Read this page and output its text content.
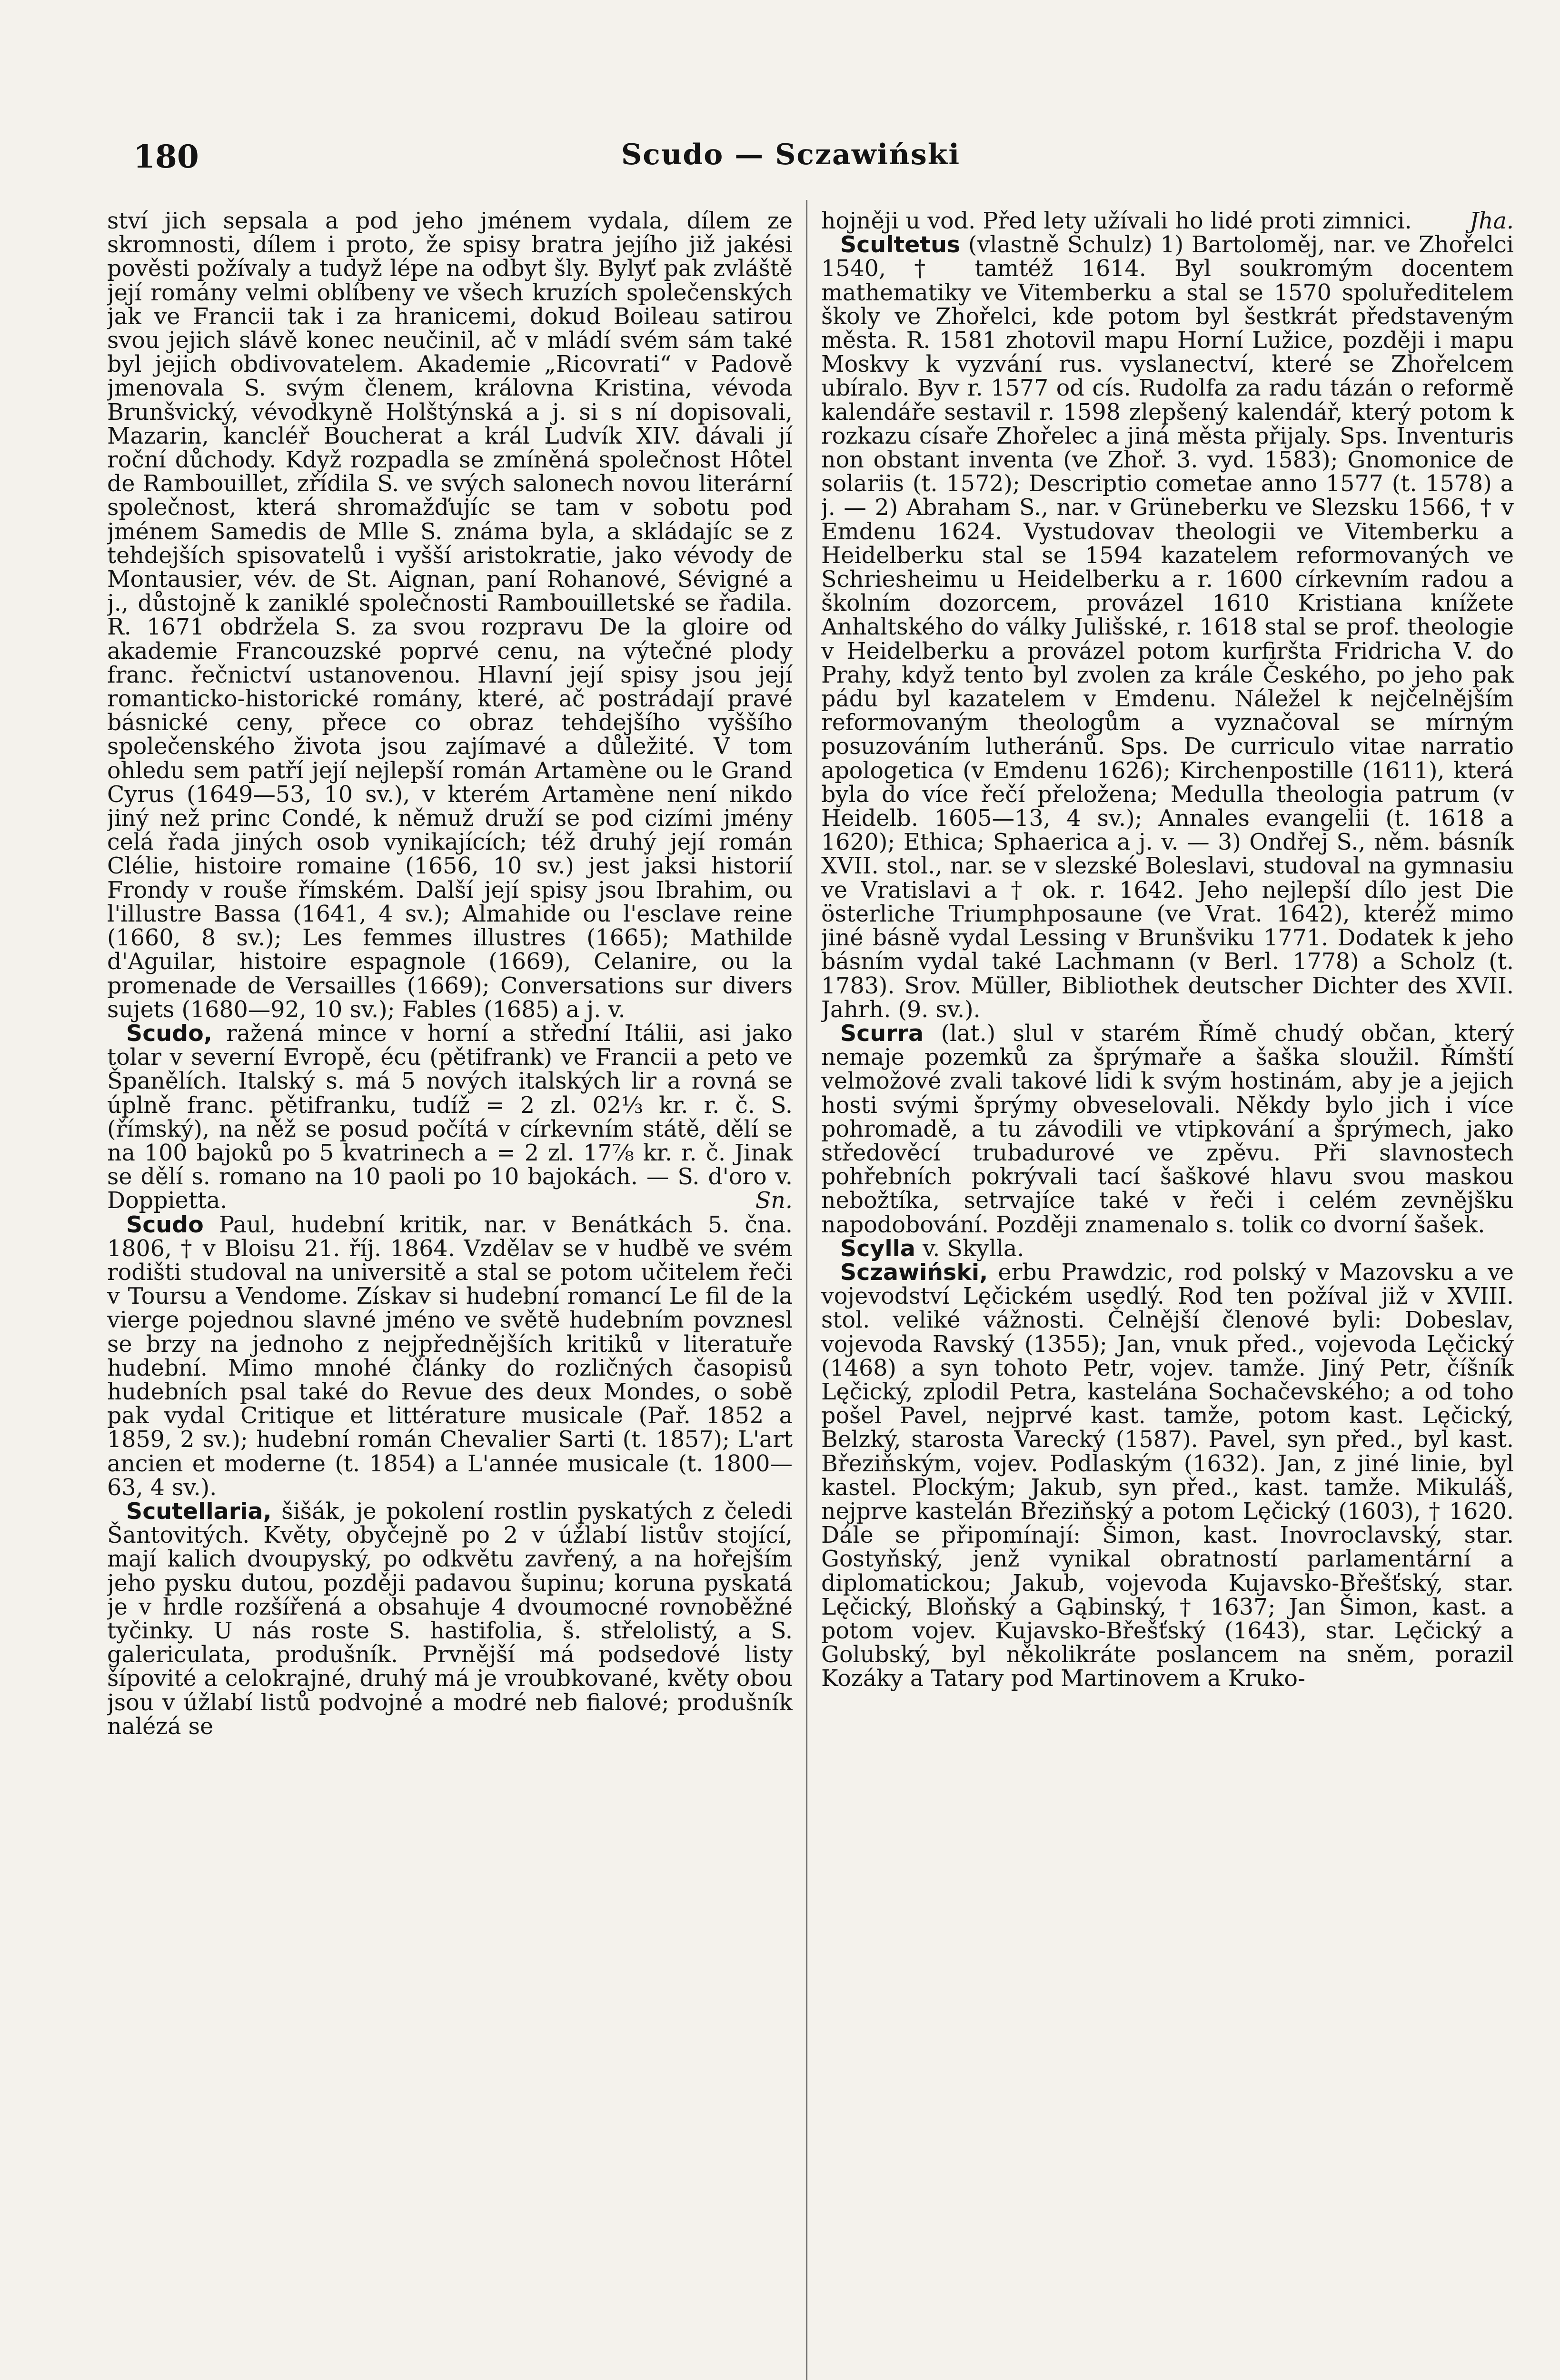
180	Scudo — Sczawiński

ství jich sepsala a pod jeho jménem vydala, dílem ze skromnosti, dílem i proto, že spisy bratra jejího již jakési pověsti požívaly a tudyž lépe na odbyt šly. Bylyť pak zvláště její romány velmi oblíbeny ve všech kruzích společenských jak ve Francii tak i za hranicemi, dokud Boileau satirou svou jejich slávě konec neučinil, ač v mládí svém sám také byl jejich obdivovatelem. Akademie „Ricovrati“ v Padově jmenovala S. svým členem, královna Kristina, vévoda Brunšvický, vévodkyně Holštýnská a j. si s ní dopisovali, Mazarin, kancléř Boucherat a král Ludvík XIV. dávali jí roční důchody. Když rozpadla se zmíněná společnost Hôtel de Rambouillet, zřídila S. ve svých salonech novou literární společnost, která shromažďujíc se tam v sobotu pod jménem Samedis de Mlle S. známa byla, a skládajíc se z tehdejších spisovatelů i vyšší aristokratie, jako vévody de Montausier, vév. de St. Aignan, paní Rohanové, Sévigné a j., důstojně k zaniklé společnosti Rambouilletské se řadila. R. 1671 obdržela S. za svou rozpravu De la gloire od akademie Francouzské poprvé cenu, na výtečné plody franc. řečnictví ustanovenou. Hlavní její spisy jsou její romanticko-historické romány, které, ač postrádají pravé básnické ceny, přece co obraz tehdejšího vyššího společenského života jsou zajímavé a důležité. V tom ohledu sem patří její nejlepší román Artamène ou le Grand Cyrus (1649—53, 10 sv.), v kterém Artamène není nikdo jiný než princ Condé, k němuž druží se pod cizími jmény celá řada jiných osob vynikajících; též druhý její román Clélie, histoire romaine (1656, 10 sv.) jest jaksi historií Frondy v rouše římském. Další její spisy jsou Ibrahim, ou l'illustre Bassa (1641, 4 sv.); Almahide ou l'esclave reine (1660, 8 sv.); Les femmes illustres (1665); Mathilde d'Aguilar, histoire espagnole (1669), Celanire, ou la promenade de Versailles (1669); Conversations sur divers sujets (1680—92, 10 sv.); Fables (1685) a j. v.

Scudo, ražená mince v horní a střední Itálii, asi jako tolar v severní Evropě, écu (pětifrank) ve Francii a peto ve Španělích. Italský s. má 5 nových italských lir a rovná se úplně franc. pětifranku, tudíž = 2 zl. 02⅓ kr. r. č. S. (římský), na něž se posud počítá v církevním státě, dělí se na 100 bajoků po 5 kvatrinech a = 2 zl. 17⅞ kr. r. č. Jinak se dělí s. romano na 10 paoli po 10 bajokách. — S. d'oro v. Doppietta.	Sn.

Scudo Paul, hudební kritik, nar. v Benátkách 5. čna. 1806, † v Bloisu 21. říj. 1864. Vzdělav se v hudbě ve svém rodišti studoval na universitě a stal se potom učitelem řeči v Toursu a Vendome. Získav si hudební romancí Le fil de la vierge pojednou slavné jméno ve světě hudebním povznesl se brzy na jednoho z nejpřednějších kritiků v literatuře hudební. Mimo mnohé články do rozličných časopisů hudebních psal také do Revue des deux Mondes, o sobě pak vydal Critique et littérature musicale (Pař. 1852 a 1859, 2 sv.); hudební román Chevalier Sarti (t. 1857); L'art ancien et moderne (t. 1854) a L'année musicale (t. 1800—63, 4 sv.).

Scutellaria, šišák, je pokolení rostlin pyskatých z čeledi Šantovitých. Květy, obyčejně po 2 v úžlabí listův stojící, mají kalich dvoupyský, po odkvětu zavřený, a na hořejším jeho pysku dutou, později padavou šupinu; koruna pyskatá je v hrdle rozšířená a obsahuje 4 dvoumocné rovnoběžné tyčinky. U nás roste S. hastifolia, š. střelolistý, a S. galericulata, produšník. Prvnější má podsedové listy šípovité a celokrajné, druhý má je vroubkované, květy obou jsou v úžlabí listů podvojné a modré neb fialové; produšník nalézá se

hojněji u vod. Před lety užívali ho lidé proti zimnici.	Jha.

Scultetus (vlastně Schulz) 1) Bartoloměj, nar. ve Zhořelci 1540, † tamtéž 1614. Byl soukromým docentem mathematiky ve Vitemberku a stal se 1570 spoluředitelem školy ve Zhořelci, kde potom byl šestkrát představeným města. R. 1581 zhotovil mapu Horní Lužice, později i mapu Moskvy k vyzvání rus. vyslanectví, které se Zhořelcem ubíralo. Byv r. 1577 od cís. Rudolfa za radu tázán o reformě kalendáře sestavil r. 1598 zlepšený kalendář, který potom k rozkazu císaře Zhořelec a jiná města přijaly. Sps. Inventuris non obstant inventa (ve Zhoř. 3. vyd. 1583); Gnomonice de solariis (t. 1572); Descriptio cometae anno 1577 (t. 1578) a j. — 2) Abraham S., nar. v Grüneberku ve Slezsku 1566, † v Emdenu 1624. Vystudovav theologii ve Vitemberku a Heidelberku stal se 1594 kazatelem reformovaných ve Schriesheimu u Heidelberku a r. 1600 církevním radou a školním dozorcem, provázel 1610 Kristiana knížete Anhaltského do války Julišské, r. 1618 stal se prof. theologie v Heidelberku a provázel potom kurfiršta Fridricha V. do Prahy, když tento byl zvolen za krále Českého, po jeho pak pádu byl kazatelem v Emdenu. Náležel k nejčelnějším reformovaným theologům a vyznačoval se mírným posuzováním lutheránů. Sps. De curriculo vitae narratio apologetica (v Emdenu 1626); Kirchenpostille (1611), která byla do více řečí přeložena; Medulla theologia patrum (v Heidelb. 1605—13, 4 sv.); Annales evangelii (t. 1618 a 1620); Ethica; Sphaerica a j. v. — 3) Ondřej S., něm. básník XVII. stol., nar. se v slezské Boleslavi, studoval na gymnasiu ve Vratislavi a † ok. r. 1642. Jeho nejlepší dílo jest Die österliche Triumphposaune (ve Vrat. 1642), kteréž mimo jiné básně vydal Lessing v Brunšviku 1771. Dodatek k jeho básním vydal také Lachmann (v Berl. 1778) a Scholz (t. 1783). Srov. Müller, Bibliothek deutscher Dichter des XVII. Jahrh. (9. sv.).

Scurra (lat.) slul v starém Římě chudý občan, který nemaje pozemků za šprýmaře a šaška sloužil. Římští velmožové zvali takové lidi k svým hostinám, aby je a jejich hosti svými šprýmy obveselovali. Někdy bylo jich i více pohromadě, a tu závodili ve vtipkování a šprýmech, jako středověcí trubadurové ve zpěvu. Při slavnostech pohřebních pokrývali tací šaškové hlavu svou maskou nebožtíka, setrvajíce také v řeči i celém zevnějšku napodobování. Později znamenalo s. tolik co dvorní šašek.

Scylla v. Skylla.

Sczawiński, erbu Prawdzic, rod polský v Mazovsku a ve vojevodství Lęčickém usedlý. Rod ten požíval již v XVIII. stol. veliké vážnosti. Čelnější členové byli: Dobeslav, vojevoda Ravský (1355); Jan, vnuk před., vojevoda Lęčický (1468) a syn tohoto Petr, vojev. tamže. Jiný Petr, číšník Lęčický, zplodil Petra, kastelána Sochačevského; a od toho pošel Pavel, nejprvé kast. tamže, potom kast. Lęčický, Belzký, starosta Varecký (1587). Pavel, syn před., byl kast. Březiňským, vojev. Podlaským (1632). Jan, z jiné linie, byl kastel. Plockým; Jakub, syn před., kast. tamže. Mikuláš, nejprve kastelán Březiňský a potom Lęčický (1603), † 1620. Dále se připomínají: Šimon, kast. Inovroclavský, star. Gostyňský, jenž vynikal obratností parlamentární a diplomatickou; Jakub, vojevoda Kujavsko-Břešťský, star. Lęčický, Bloňský a Gąbinský, † 1637; Jan Šimon, kast. a potom vojev. Kujavsko-Břešťský (1643), star. Lęčický a Golubský, byl několikráte poslancem na sněm, porazil Kozáky a Tatary pod Martinovem a Kruko-
